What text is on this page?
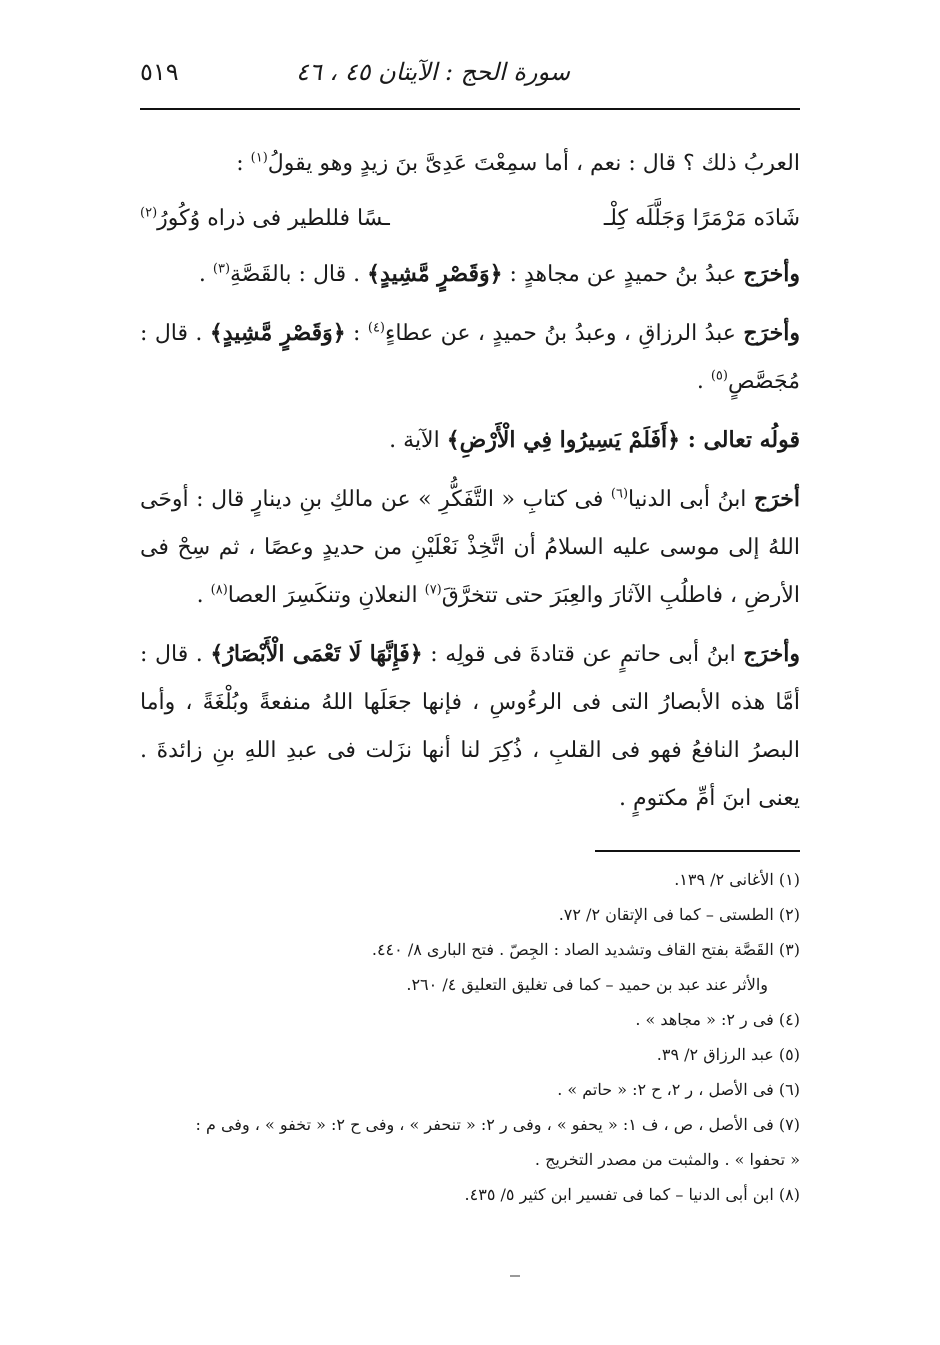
سورة الحج : الآيتان ٤٥ ، ٤٦
٥١٩

العربُ ذلك ؟ قال : نعم ، أما سمِعْتَ عَدِىَّ بنَ زيدٍ وهو يقولُ$^{(١)}$ :

شَادَه مَرْمَرًا وَجَلَّلَه كِلْـ
ـسًا فللطير فى ذراه وُكُورُ$^{(٢)}$

وأخرَج عبدُ بنُ حميدٍ عن مجاهدٍ : ﴿وَقَصْرٍ مَّشِيدٍ﴾ . قال : بالقَصَّةِ$^{(٣)}$ .

وأخرَج عبدُ الرزاقِ ، وعبدُ بنُ حميدٍ ، عن عطاءٍ$^{(٤)}$ : ﴿وَقَصْرٍ مَّشِيدٍ﴾ . قال : مُجَصَّصٍ$^{(٥)}$ .

قولُه تعالى : ﴿أَفَلَمْ يَسِيرُوا فِي الْأَرْضِ﴾ الآية .

أخرَج ابنُ أبى الدنيا$^{(٦)}$ فى كتابِ « التَّفَكُّرِ » عن مالكِ بنِ دينارٍ قال : أوحَى اللهُ إلى موسى عليه السلامُ أن اتَّخِذْ نَعْلَيْنِ من حديدٍ وعصًا ، ثم سِحْ فى الأرضِ ، فاطلُبِ الآثارَ والعِبَرَ حتى تتخرَّقَ$^{(٧)}$ النعلانِ وتنكَسِرَ العصا$^{(٨)}$ .

وأخرَج ابنُ أبى حاتمٍ عن قتادةَ فى قولِه : ﴿فَإِنَّهَا لَا تَعْمَى الْأَبْصَارُ﴾ . قال : أمَّا هذه الأبصارُ التى فى الرءُوسِ ، فإنها جعَلَها اللهُ منفعةً وبُلْغَةً ، وأما البصرُ النافعُ فهو فى القلبِ ، ذُكِرَ لنا أنها نزَلت فى عبدِ اللهِ بنِ زائدةَ . يعنى ابنَ أمِّ مكتومٍ .

(١) الأغانى ٢/ ١٣٩.

(٢) الطستى – كما فى الإتقان ٢/ ٧٢.

(٣) القَصَّة بفتح القاف وتشديد الصاد : الجِصّ . فتح البارى ٨/ ٤٤٠.

والأثر عند عبد بن حميد – كما فى تغليق التعليق ٤/ ٢٦٠.

(٤) فى ر ٢: « مجاهد » .

(٥) عبد الرزاق ٢/ ٣٩.

(٦) فى الأصل ، ر ٢، ح ٢: « حاتم » .

(٧) فى الأصل ، ص ، ف ١: « يحفو » ، وفى ر ٢: « تنحفر » ، وفى ح ٢: « تخفو » ، وفى م :

« تحفوا » . والمثبت من مصدر التخريج .

(٨) ابن أبى الدنيا – كما فى تفسير ابن كثير ٥/ ٤٣٥.
